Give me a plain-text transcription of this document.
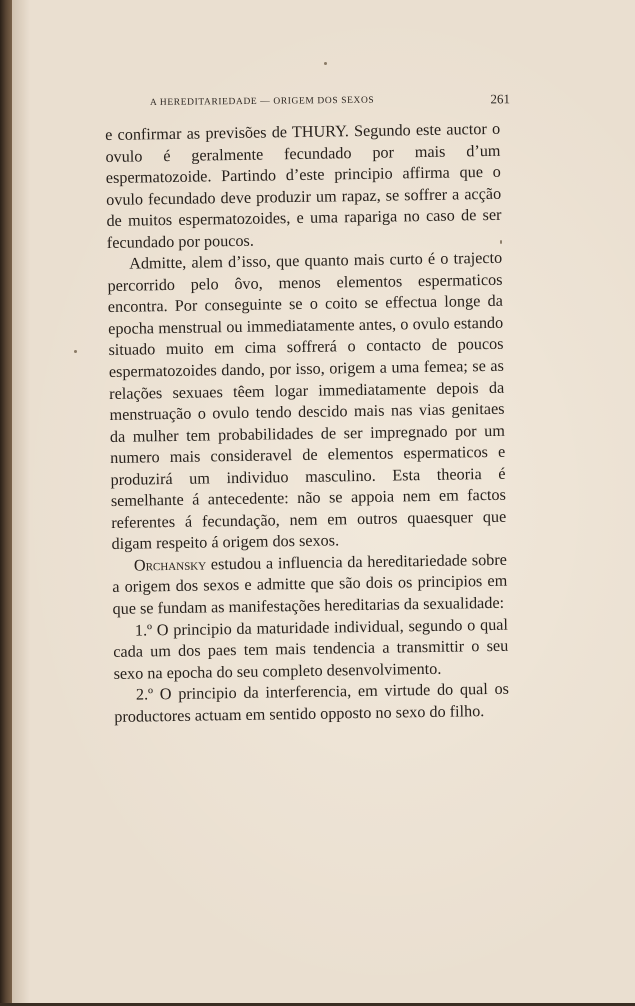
A HEREDITARIEDADE — ORIGEM DOS SEXOS	261

e confirmar as previsões de THURY. Segundo este auctor o ovulo é geralmente fecundado por mais d’um espermatozoide. Partindo d’este principio affirma que o ovulo fecundado deve produzir um rapaz, se soffrer a acção de muitos espermatozoides, e uma rapariga no caso de ser fecundado por poucos.

Admitte, alem d’isso, que quanto mais curto é o trajecto percorrido pelo ôvo, menos elementos espermaticos encontra. Por conseguinte se o coito se effectua longe da epocha menstrual ou immediatamente antes, o ovulo estando situado muito em cima soffrerá o contacto de poucos espermatozoides dando, por isso, origem a uma femea; se as relações sexuaes têem logar immediatamente depois da menstruação o ovulo tendo descido mais nas vias genitaes da mulher tem probabilidades de ser impregnado por um numero mais consideravel de elementos espermaticos e produzirá um individuo masculino. Esta theoria é semelhante á antecedente: não se appoia nem em factos referentes á fecundação, nem em outros quaesquer que digam respeito á origem dos sexos.

Orchansky estudou a influencia da hereditariedade sobre a origem dos sexos e admitte que são dois os principios em que se fundam as manifestações hereditarias da sexualidade:

1.º O principio da maturidade individual, segundo o qual cada um dos paes tem mais tendencia a transmittir o seu sexo na epocha do seu completo desenvolvimento.

2.º O principio da interferencia, em virtude do qual os productores actuam em sentido opposto no sexo do filho.
